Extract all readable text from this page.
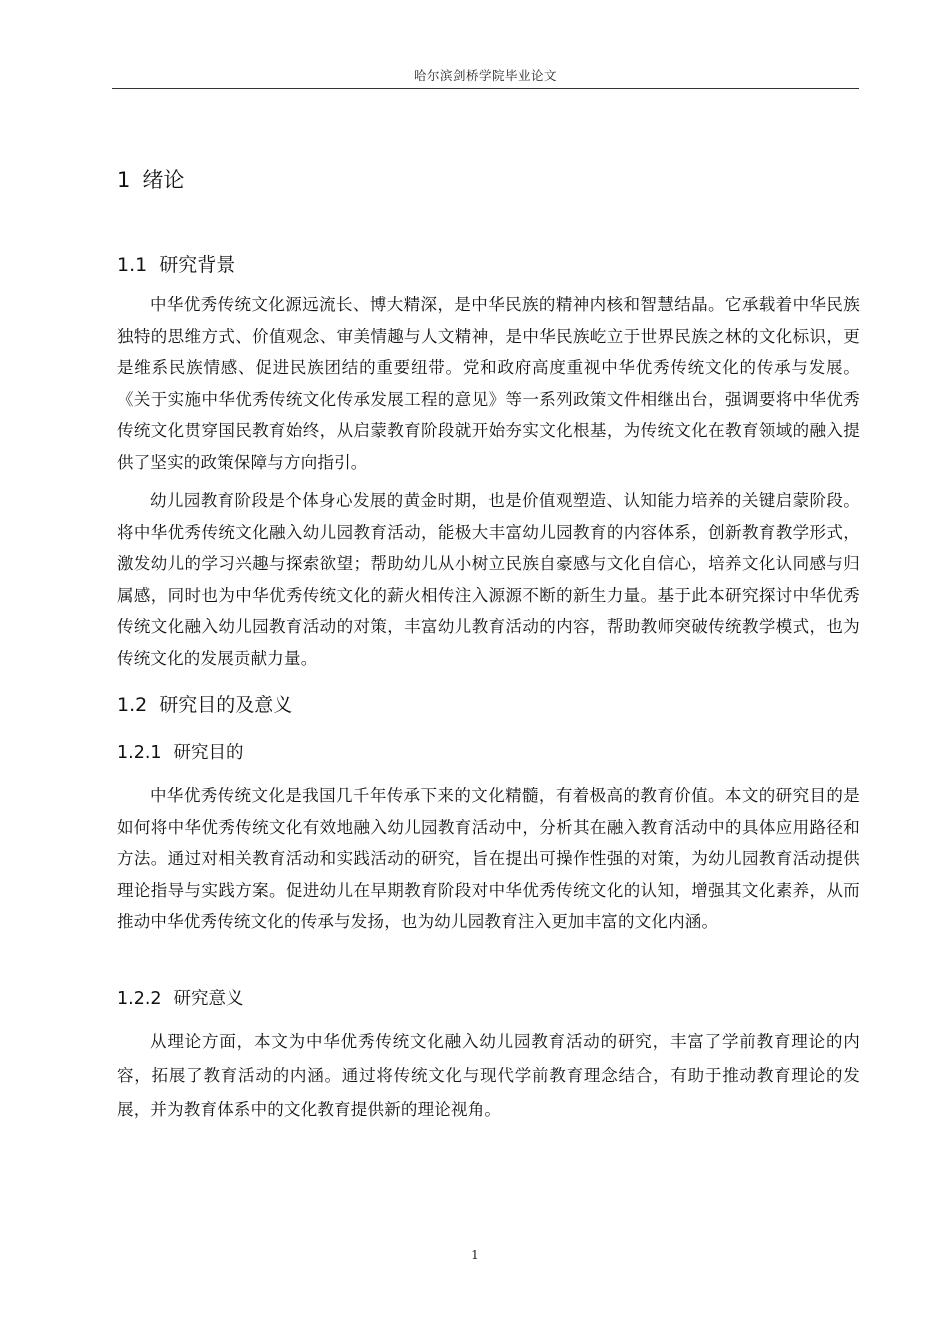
哈尔滨剑桥学院毕业论文
1 绪论
1.1 研究背景

中华优秀传统文化源远流长、博大精深，是中华民族的精神内核和智慧结晶。它承载着中华民族独特的思维方式、价值观念、审美情趣与人文精神，是中华民族屹立于世界民族之林的文化标识，更是维系民族情感、促进民族团结的重要纽带。党和政府高度重视中华优秀传统文化的传承与发展。《关于实施中华优秀传统文化传承发展工程的意见》等一系列政策文件相继出台，强调要将中华优秀传统文化贯穿国民教育始终，从启蒙教育阶段就开始夯实文化根基，为传统文化在教育领域的融入提供了坚实的政策保障与方向指引。

幼儿园教育阶段是个体身心发展的黄金时期，也是价值观塑造、认知能力培养的关键启蒙阶段。将中华优秀传统文化融入幼儿园教育活动，能极大丰富幼儿园教育的内容体系，创新教育教学形式，激发幼儿的学习兴趣与探索欲望；帮助幼儿从小树立民族自豪感与文化自信心，培养文化认同感与归属感，同时也为中华优秀传统文化的薪火相传注入源源不断的新生力量。基于此本研究探讨中华优秀传统文化融入幼儿园教育活动的对策，丰富幼儿教育活动的内容，帮助教师突破传统教学模式，也为传统文化的发展贡献力量。

1.2 研究目的及意义
1.2.1 研究目的

中华优秀传统文化是我国几千年传承下来的文化精髓，有着极高的教育价值。本文的研究目的是如何将中华优秀传统文化有效地融入幼儿园教育活动中，分析其在融入教育活动中的具体应用路径和方法。通过对相关教育活动和实践活动的研究，旨在提出可操作性强的对策，为幼儿园教育活动提供理论指导与实践方案。促进幼儿在早期教育阶段对中华优秀传统文化的认知，增强其文化素养，从而推动中华优秀传统文化的传承与发扬，也为幼儿园教育注入更加丰富的文化内涵。

1.2.2 研究意义

从理论方面，本文为中华优秀传统文化融入幼儿园教育活动的研究，丰富了学前教育理论的内容，拓展了教育活动的内涵。通过将传统文化与现代学前教育理念结合，有助于推动教育理论的发展，并为教育体系中的文化教育提供新的理论视角。

1
